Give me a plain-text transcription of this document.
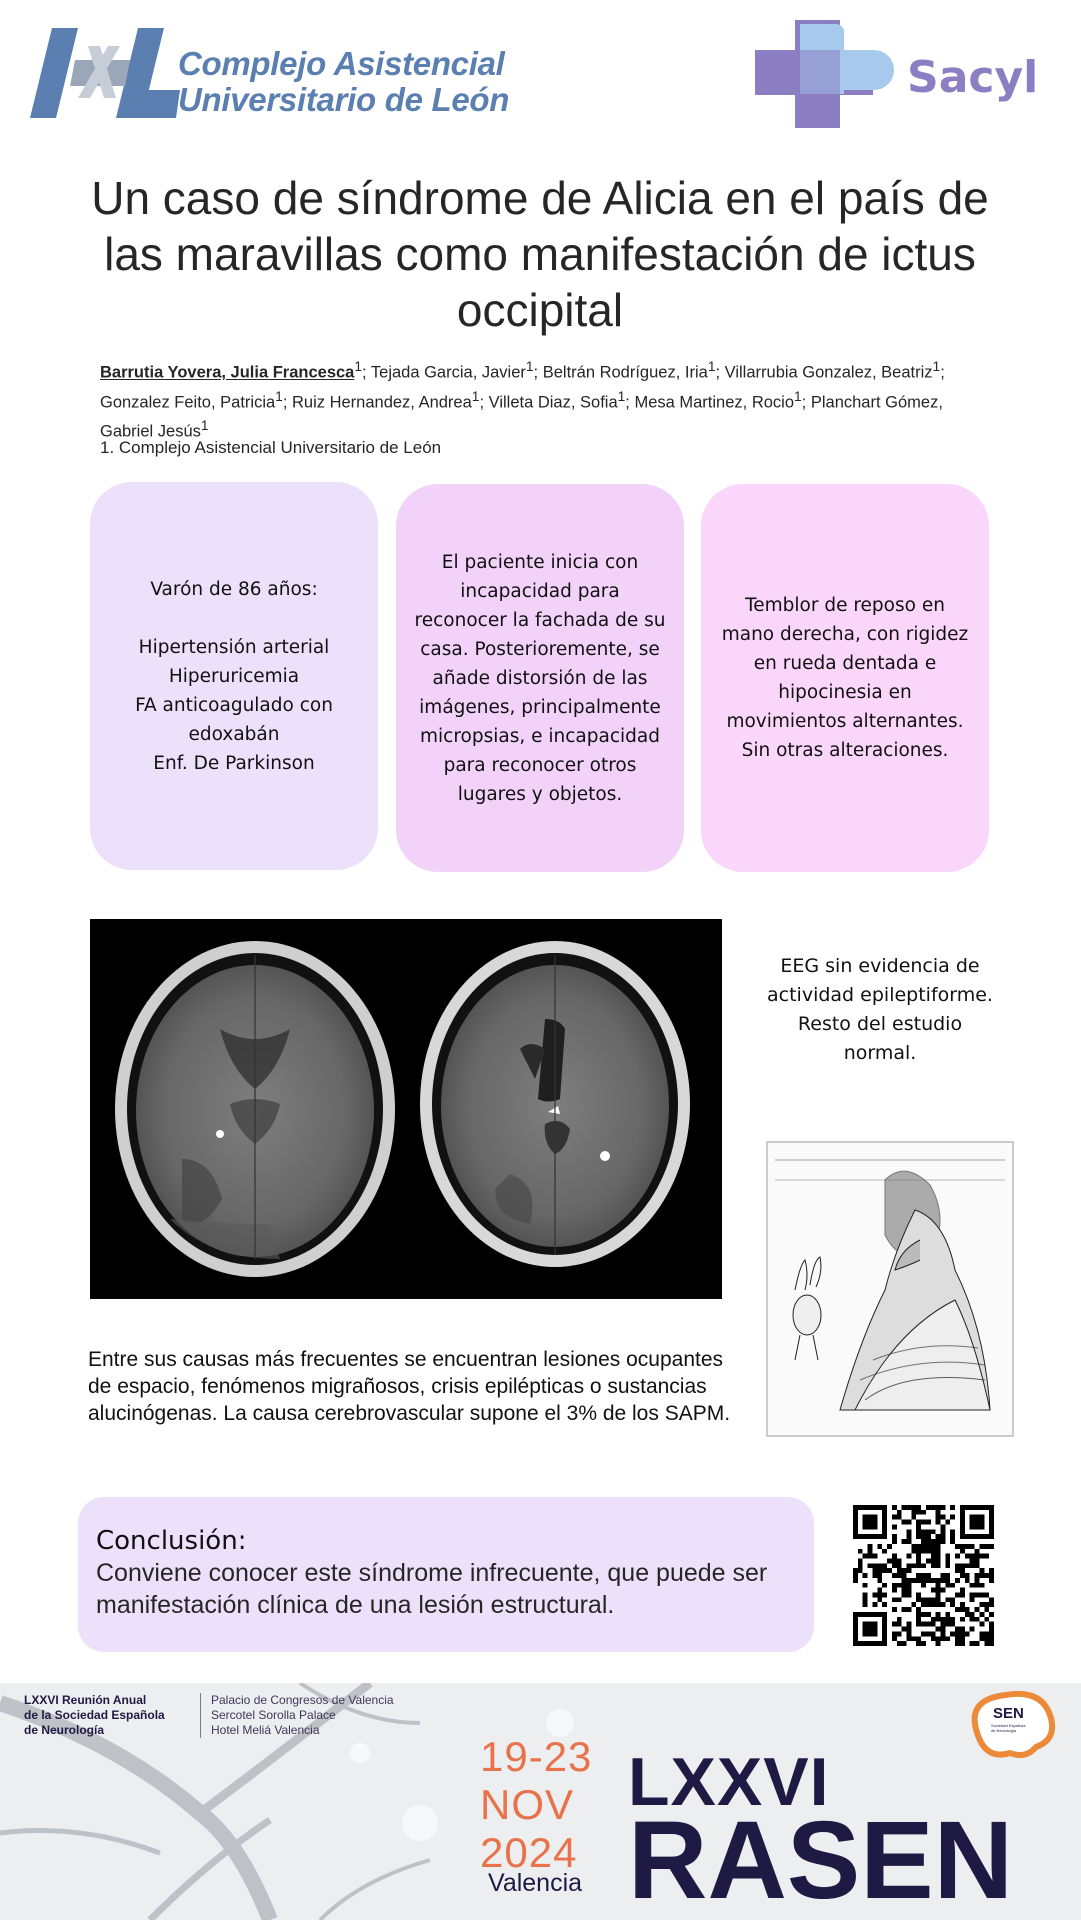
Complejo Asistencial
Universitario de León	Sacyl
Un caso de síndrome de Alicia en el país de las maravillas como manifestación de ictus occipital
Barrutia Yovera, Julia Francesca$^1$; Tejada Garcia, Javier$^1$; Beltrán Rodríguez, Iria$^1$; Villarrubia Gonzalez, Beatriz$^1$; Gonzalez Feito, Patricia$^1$; Ruiz Hernandez, Andrea$^1$; Villeta Diaz, Sofia$^1$; Mesa Martinez, Rocio$^1$; Planchart Gómez, Gabriel Jesús$^1$
1. Complejo Asistencial Universitario de León
Varón de 86 años:

Hipertensión arterial
Hiperuricemia
FA anticoagulado con edoxabán
Enf. De Parkinson
El paciente inicia con incapacidad para reconocer la fachada de su casa. Posterioremente, se añade distorsión de las imágenes, principalmente micropsias, e incapacidad para reconocer otros lugares y objetos.
Temblor de reposo en mano derecha, con rigidez en rueda dentada e hipocinesia en movimientos alternantes. Sin otras alteraciones.
EEG sin evidencia de actividad epileptiforme. Resto del estudio normal.
Entre sus causas más frecuentes se encuentran lesiones ocupantes de espacio, fenómenos migrañosos, crisis epilépticas o sustancias alucinógenas. La causa cerebrovascular supone el 3% de los SAPM.
Conclusión:
Conviene conocer este síndrome infrecuente, que puede ser manifestación clínica de una lesión estructural.
LXXVI Reunión Anual
de la Sociedad Española
de Neurología
Palacio de Congresos de Valencia
Sercotel Sorolla Palace
Hotel Meliá Valencia
19-23
NOV
2024
Valencia
LXXVI
RASEN
SEN
Sociedad Española
de Neurología
